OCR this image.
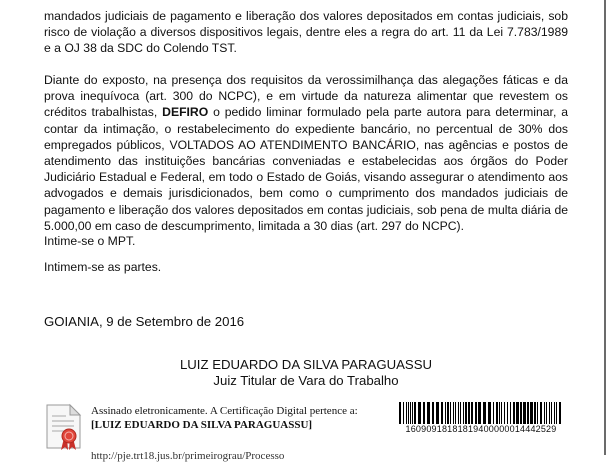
mandados judiciais de pagamento e liberação dos valores depositados em contas judiciais, sob risco de violação a diversos dispositivos legais, dentre eles a regra do art. 11 da Lei 7.783/1989 e a OJ 38 da SDC do Colendo TST.

Diante do exposto, na presença dos requisitos da verossimilhança das alegações fáticas e da prova inequívoca (art. 300 do NCPC), e em virtude da natureza alimentar que revestem os créditos trabalhistas, DEFIRO o pedido liminar formulado pela parte autora para determinar, a contar da intimação, o restabelecimento do expediente bancário, no percentual de 30% dos empregados públicos, VOLTADOS AO ATENDIMENTO BANCÁRIO, nas agências e postos de atendimento das instituições bancárias conveniadas e estabelecidas aos órgãos do Poder Judiciário Estadual e Federal, em todo o Estado de Goiás, visando assegurar o atendimento aos advogados e demais jurisdicionados, bem como o cumprimento dos mandados judiciais de pagamento e liberação dos valores depositados em contas judiciais, sob pena de multa diária de 5.000,00 em caso de descumprimento, limitada a 30 dias (art. 297 do NCPC).

Intime-se o MPT.

Intimem-se as partes.

GOIANIA, 9 de Setembro de 2016
LUIZ EDUARDO DA SILVA PARAGUASSU
Juiz Titular de Vara do Trabalho
Assinado eletronicamente. A Certificação Digital pertence a:
[LUIZ EDUARDO DA SILVA PARAGUASSU]	16090918181819400000014442529
http://pje.trt18.jus.br/primeirograu/Processo
